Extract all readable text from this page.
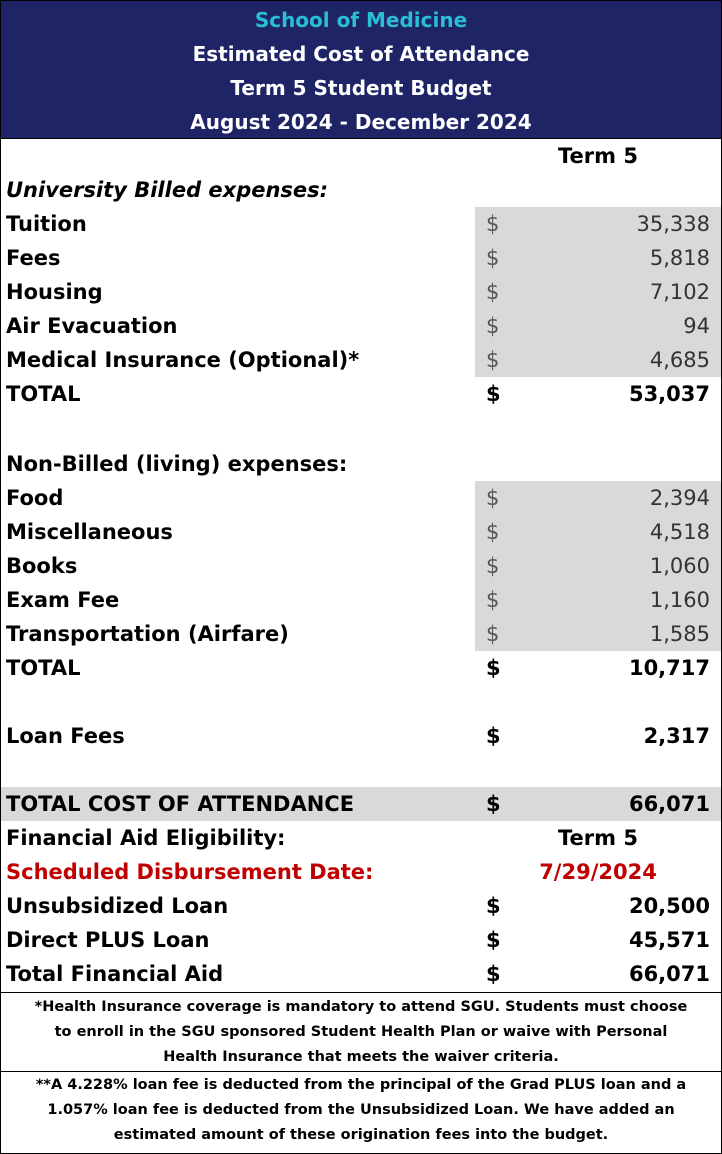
School of Medicine
Estimated Cost of Attendance
Term 5 Student Budget
August 2024 - December 2024
Term 5
University Billed expenses:
Tuition	$	35,338
Fees	$	5,818
Housing	$	7,102
Air Evacuation	$	94
Medical Insurance (Optional)*	$	4,685
TOTAL	$	53,037
Non-Billed (living) expenses:
Food	$	2,394
Miscellaneous	$	4,518
Books	$	1,060
Exam Fee	$	1,160
Transportation (Airfare)	$	1,585
TOTAL	$	10,717
Loan Fees	$	2,317
TOTAL COST OF ATTENDANCE	$	66,071
Financial Aid Eligibility:	Term 5
Scheduled Disbursement Date:	7/29/2024
Unsubsidized Loan	$	20,500
Direct PLUS Loan	$	45,571
Total Financial Aid	$	66,071
*Health Insurance coverage is mandatory to attend SGU. Students must choose
to enroll in the SGU sponsored Student Health Plan or waive with Personal
Health Insurance that meets the waiver criteria.
**A 4.228% loan fee is deducted from the principal of the Grad PLUS loan and a
1.057% loan fee is deducted from the Unsubsidized Loan. We have added an
estimated amount of these origination fees into the budget.
